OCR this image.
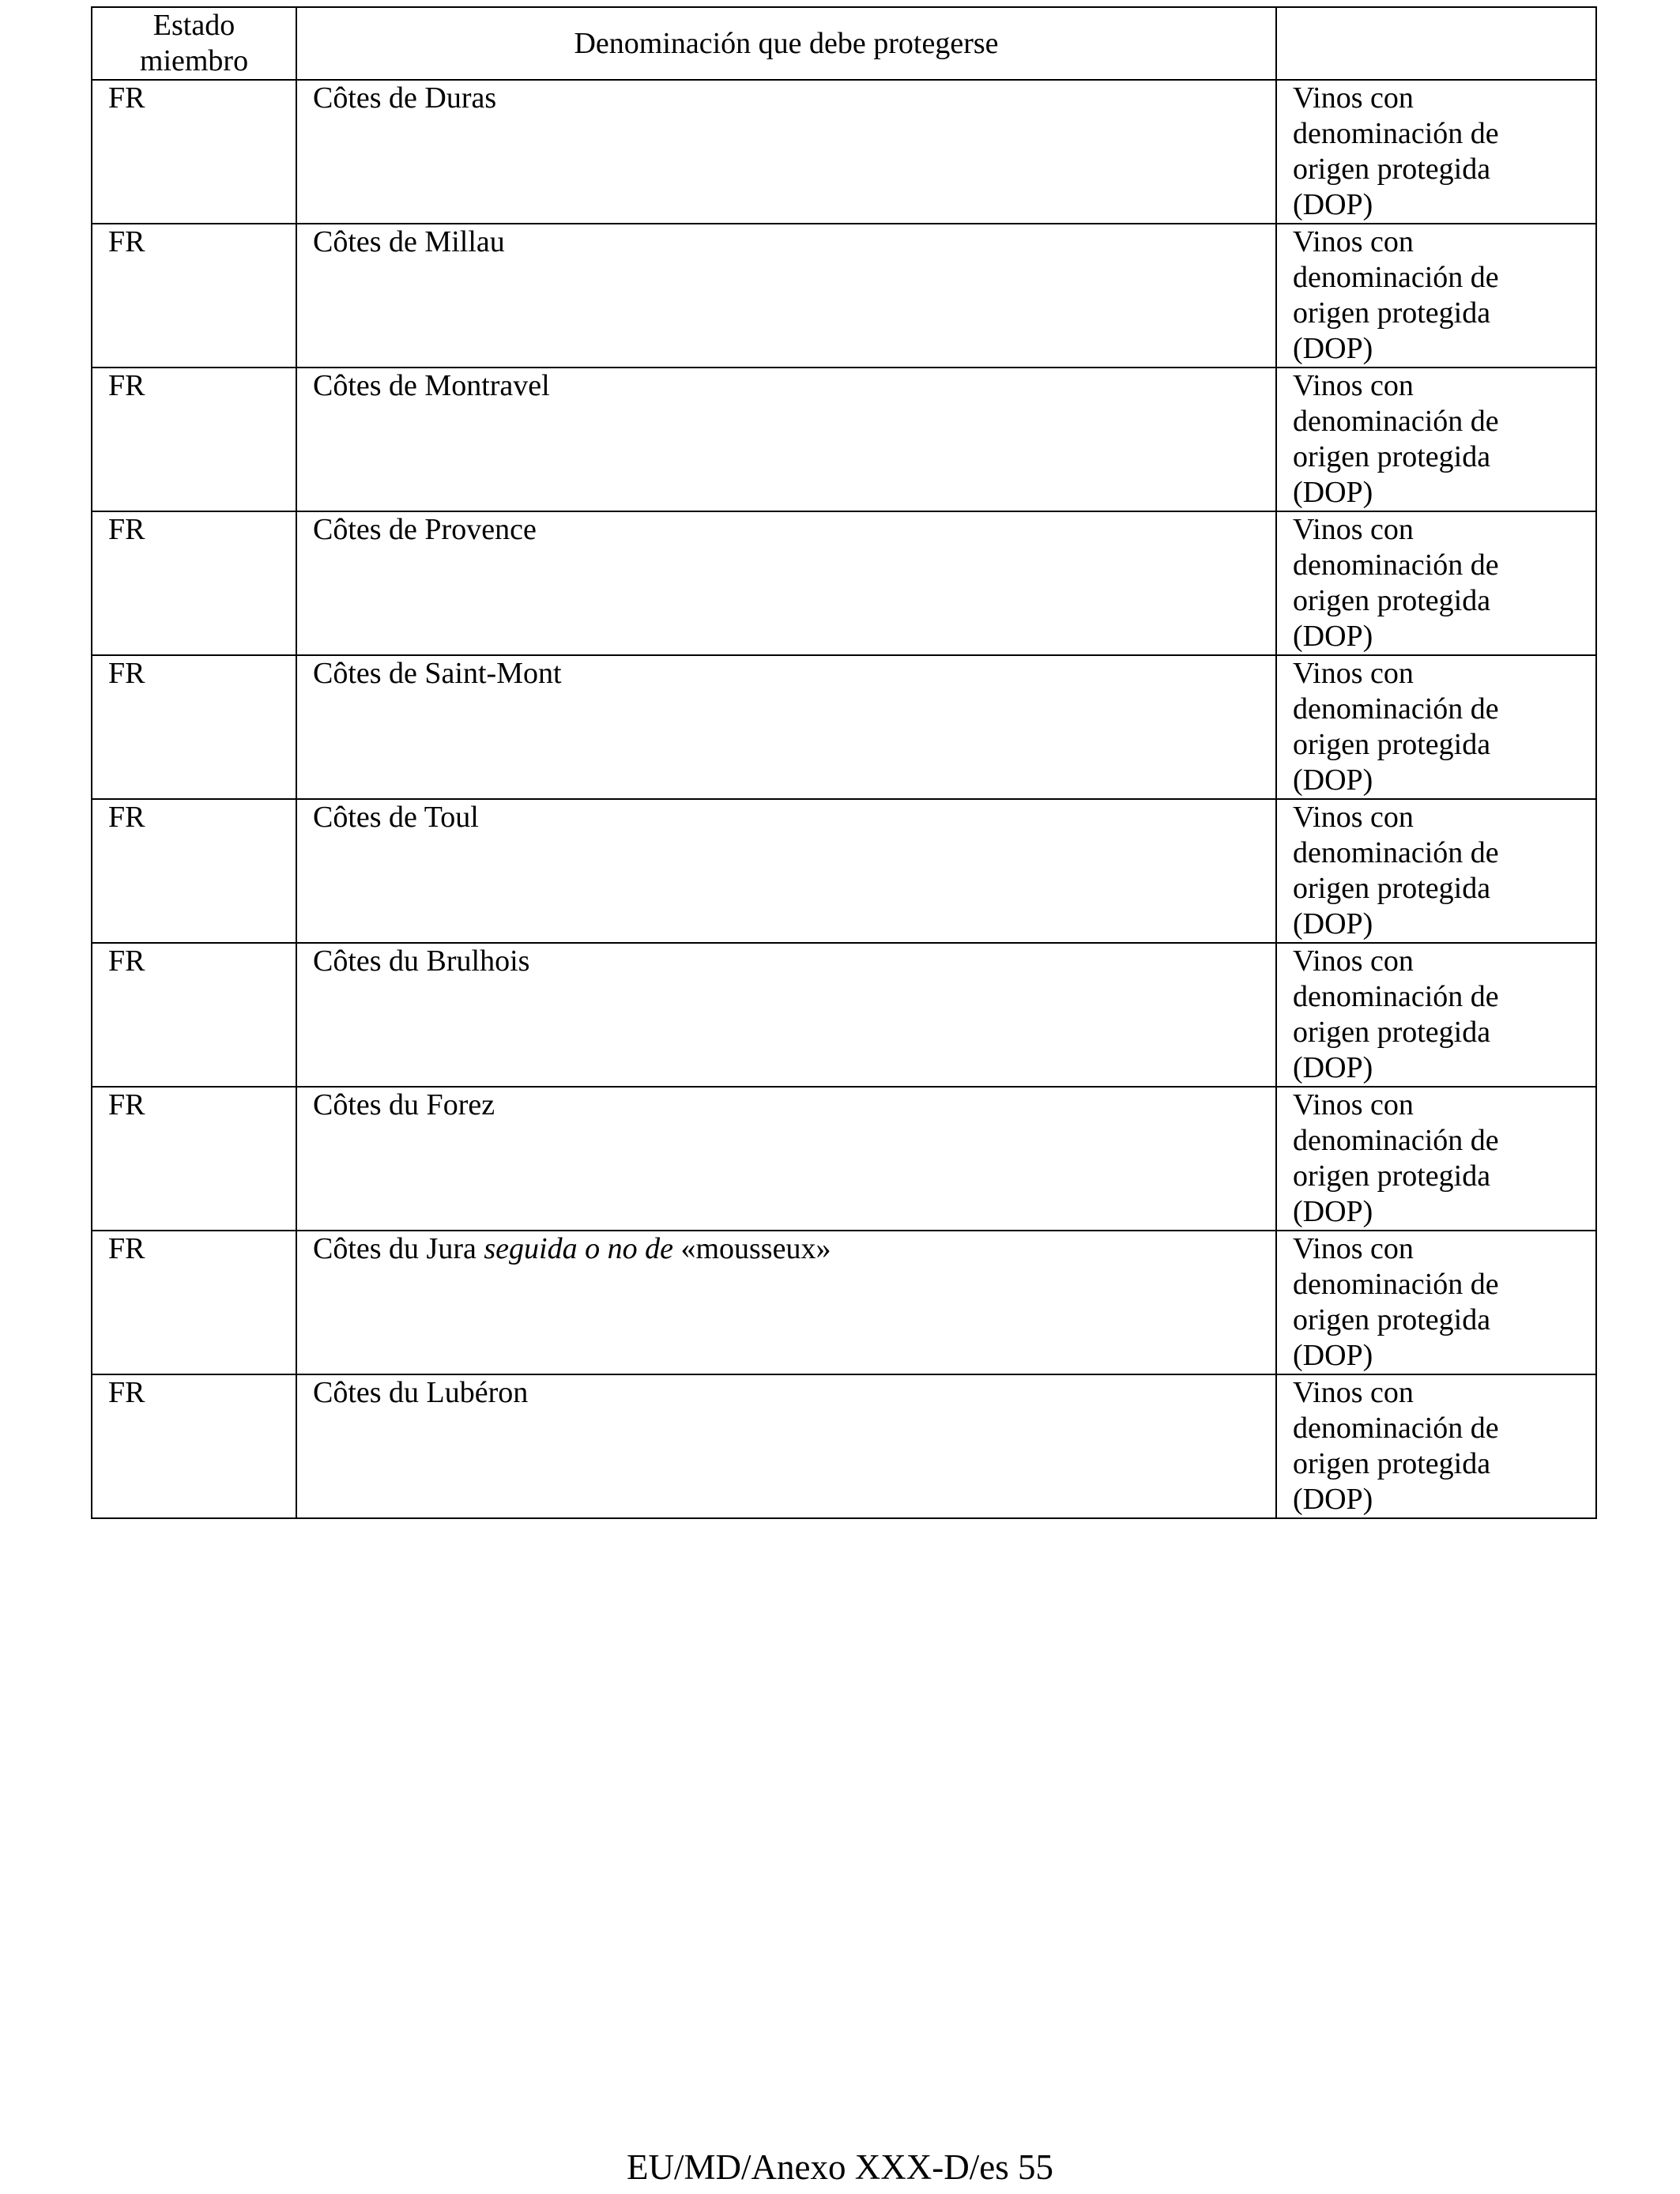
Estado miembro	Denominación que debe protegerse	
FR	Côtes de Duras	Vinos con
denominación de
origen protegida
(DOP)

FR	Côtes de Millau	Vinos con
denominación de
origen protegida
(DOP)

FR	Côtes de Montravel	Vinos con
denominación de
origen protegida
(DOP)

FR	Côtes de Provence	Vinos con
denominación de
origen protegida
(DOP)

FR	Côtes de Saint-Mont	Vinos con
denominación de
origen protegida
(DOP)

FR	Côtes de Toul	Vinos con
denominación de
origen protegida
(DOP)

FR	Côtes du Brulhois	Vinos con
denominación de
origen protegida
(DOP)

FR	Côtes du Forez	Vinos con
denominación de
origen protegida
(DOP)

FR	Côtes du Jura seguida o no de «mousseux»	Vinos con
denominación de
origen protegida
(DOP)

FR	Côtes du Lubéron	Vinos con
denominación de
origen protegida
(DOP)
EU/MD/Anexo XXX-D/es 55
